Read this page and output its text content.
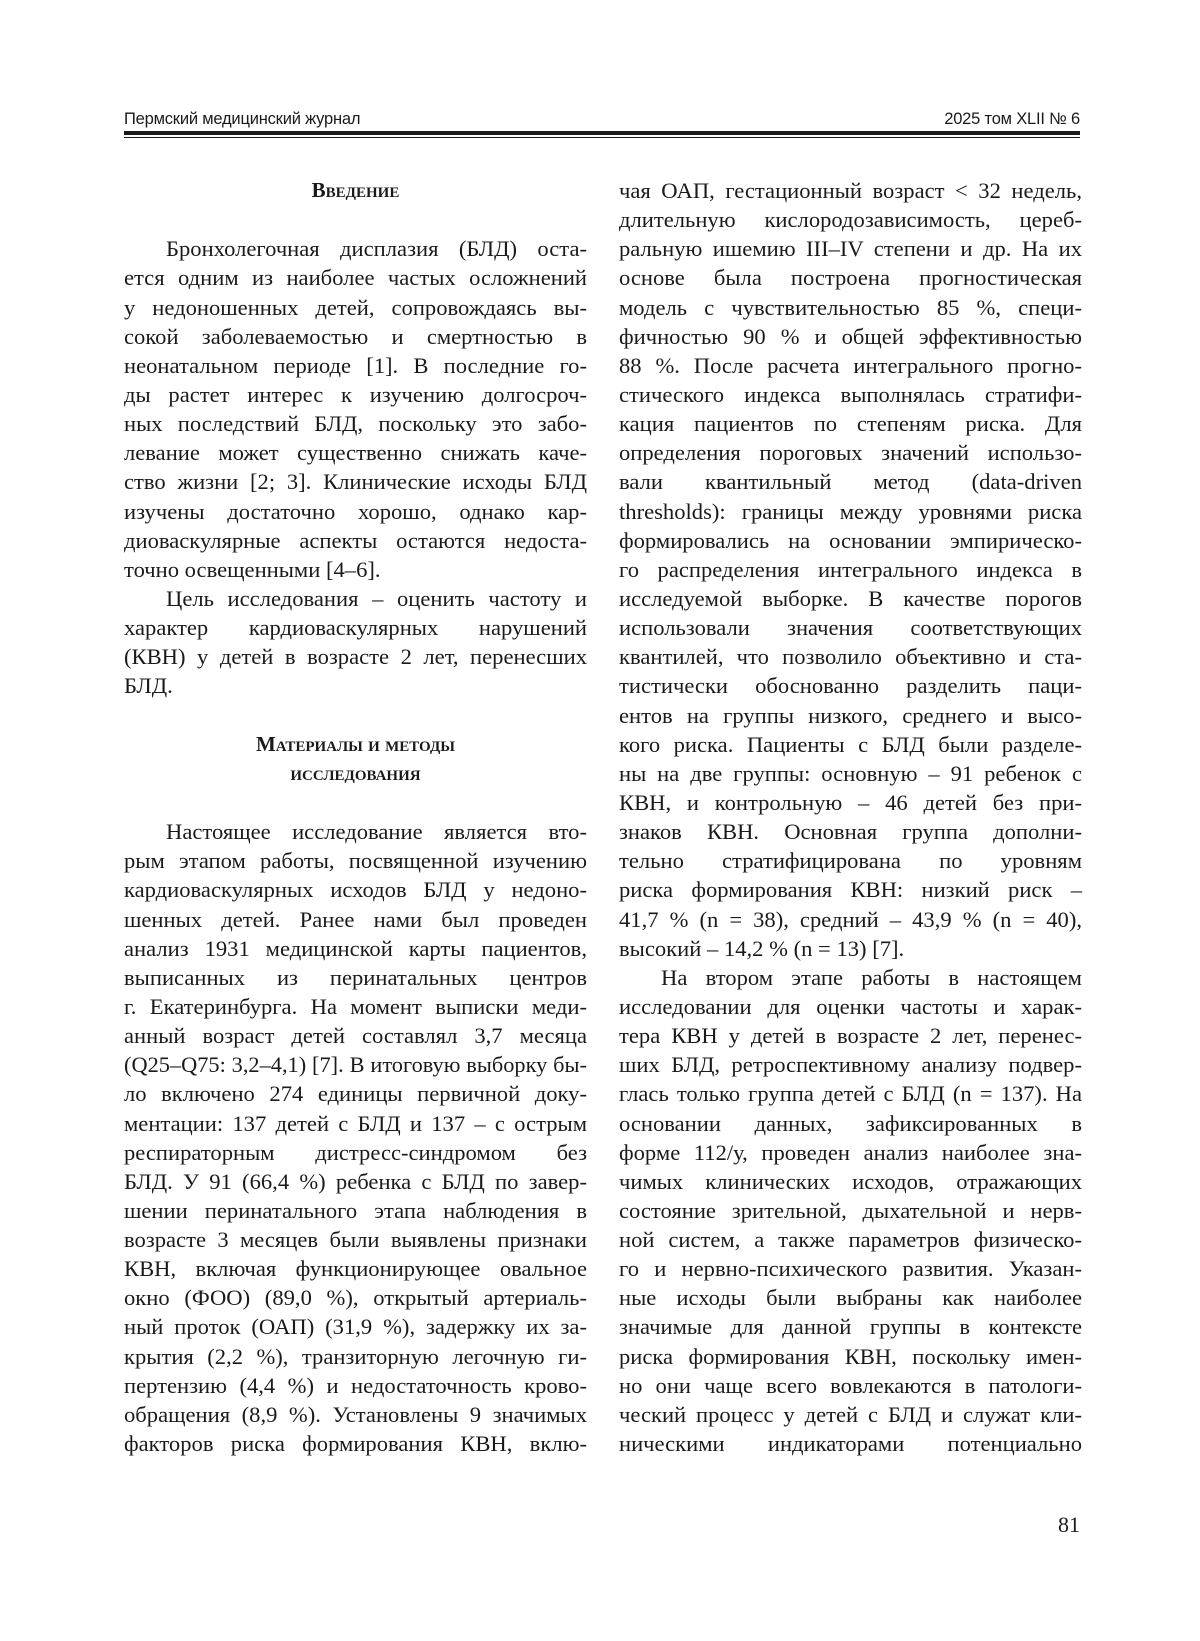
Пермский медицинский журнал	2025 том XLII № 6
Введение
Бронхолегочная дисплазия (БЛД) оста-
ется одним из наиболее частых осложнений
у недоношенных детей, сопровождаясь вы-
сокой заболеваемостью и смертностью в
неонатальном периоде [1]. В последние го-
ды растет интерес к изучению долгосроч-
ных последствий БЛД, поскольку это забо-
левание может существенно снижать каче-
ство жизни [2; 3]. Клинические исходы БЛД
изучены достаточно хорошо, однако кар-
диоваскулярные аспекты остаются недоста-
точно освещенными [4–6].
Цель исследования – оценить частоту и
характер кардиоваскулярных нарушений
(КВН) у детей в возрасте 2 лет, перенесших
БЛД.
Материалы и методы
исследования
Настоящее исследование является вто-
рым этапом работы, посвященной изучению
кардиоваскулярных исходов БЛД у недоно-
шенных детей. Ранее нами был проведен
анализ 1931 медицинской карты пациентов,
выписанных из перинатальных центров
г. Екатеринбурга. На момент выписки меди-
анный возраст детей составлял 3,7 месяца
(Q25–Q75: 3,2–4,1) [7]. В итоговую выборку бы-
ло включено 274 единицы первичной доку-
ментации: 137 детей с БЛД и 137 – с острым
респираторным дистресс-синдромом без
БЛД. У 91 (66,4 %) ребенка с БЛД по завер-
шении перинатального этапа наблюдения в
возрасте 3 месяцев были выявлены признаки
КВН, включая функционирующее овальное
окно (ФОО) (89,0 %), открытый артериаль-
ный проток (ОАП) (31,9 %), задержку их за-
крытия (2,2 %), транзиторную легочную ги-
пертензию (4,4 %) и недостаточность крово-
обращения (8,9 %). Установлены 9 значимых
факторов риска формирования КВН, вклю-
чая ОАП, гестационный возраст < 32 недель,
длительную кислородозависимость, цереб-
ральную ишемию III–IV степени и др. На их
основе была построена прогностическая
модель с чувствительностью 85 %, специ-
фичностью 90 % и общей эффективностью
88 %. После расчета интегрального прогно-
стического индекса выполнялась стратифи-
кация пациентов по степеням риска. Для
определения пороговых значений использо-
вали квантильный метод (data-driven
thresholds): границы между уровнями риска
формировались на основании эмпирическо-
го распределения интегрального индекса в
исследуемой выборке. В качестве порогов
использовали значения соответствующих
квантилей, что позволило объективно и ста-
тистически обоснованно разделить паци-
ентов на группы низкого, среднего и высо-
кого риска. Пациенты с БЛД были разделе-
ны на две группы: основную – 91 ребенок с
КВН, и контрольную – 46 детей без при-
знаков КВН. Основная группа дополни-
тельно стратифицирована по уровням
риска формирования КВН: низкий риск –
41,7 % (n = 38), средний – 43,9 % (n = 40),
высокий – 14,2 % (n = 13) [7].
На втором этапе работы в настоящем
исследовании для оценки частоты и харак-
тера КВН у детей в возрасте 2 лет, перенес-
ших БЛД, ретроспективному анализу подвер-
глась только группа детей с БЛД (n = 137). На
основании данных, зафиксированных в
форме 112/у, проведен анализ наиболее зна-
чимых клинических исходов, отражающих
состояние зрительной, дыхательной и нерв-
ной систем, а также параметров физическо-
го и нервно-психического развития. Указан-
ные исходы были выбраны как наиболее
значимые для данной группы в контексте
риска формирования КВН, поскольку имен-
но они чаще всего вовлекаются в патологи-
ческий процесс у детей с БЛД и служат кли-
ническими индикаторами потенциально
81
